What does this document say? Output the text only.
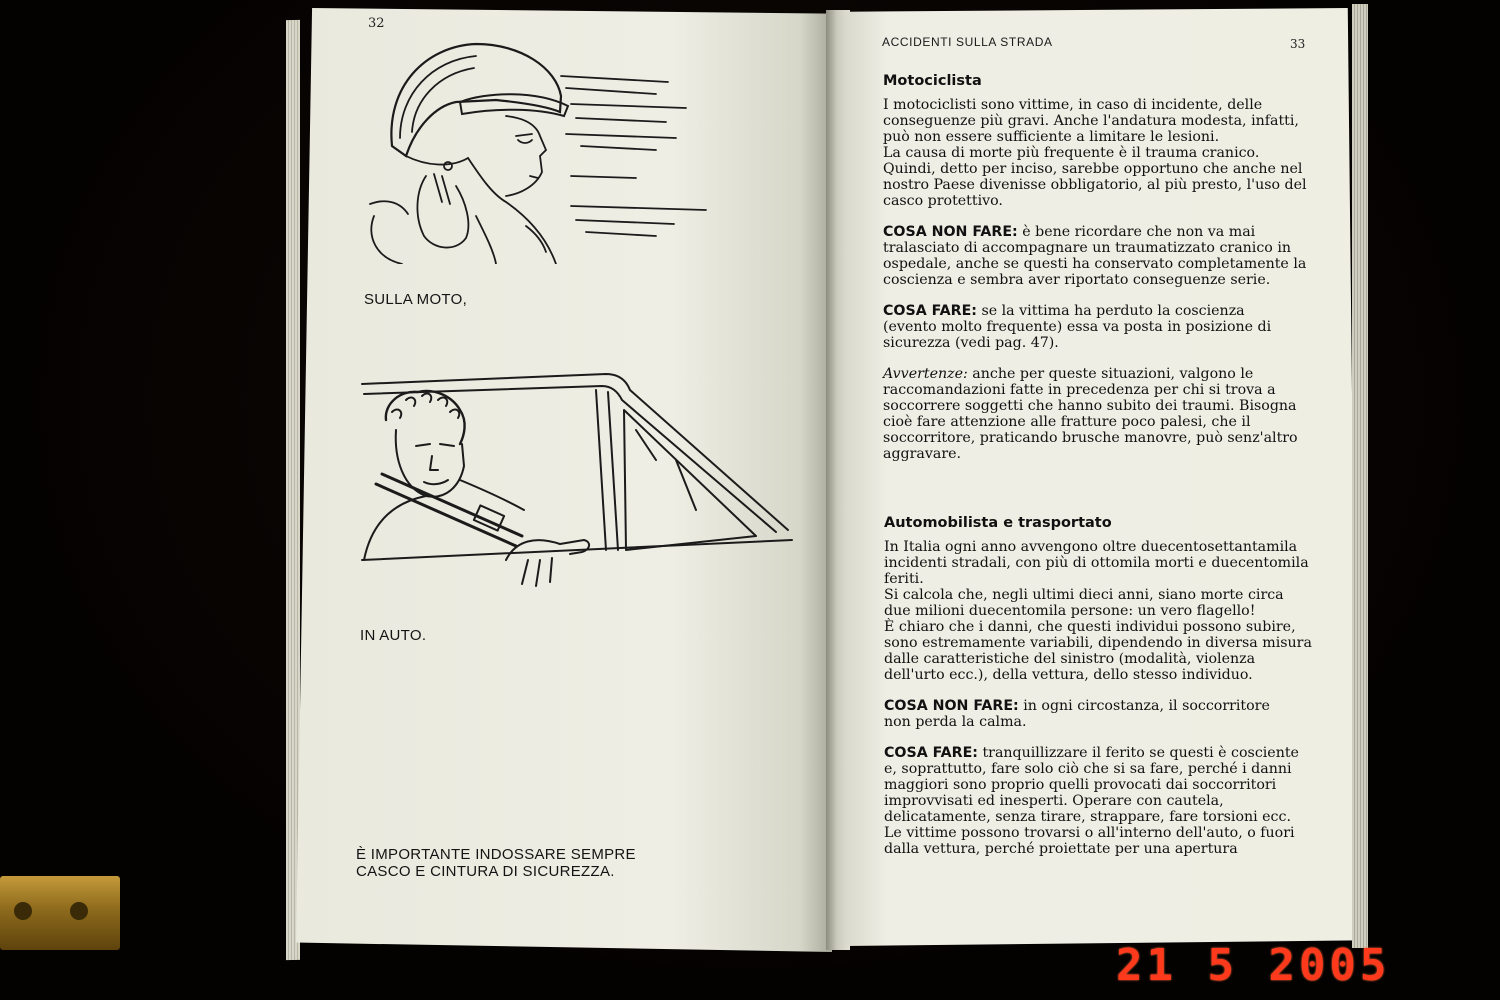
32
SULLA MOTO,
IN AUTO.
È IMPORTANTE INDOSSARE SEMPRE
CASCO E CINTURA DI SICUREZZA.
ACCIDENTI SULLA STRADA	33
Motociclista

I motociclisti sono vittime, in caso di incidente, delle
conseguenze più gravi. Anche l'andatura modesta, infatti,
può non essere sufficiente a limitare le lesioni.
La causa di morte più frequente è il trauma cranico.
Quindi, detto per inciso, sarebbe opportuno che anche nel
nostro Paese divenisse obbligatorio, al più presto, l'uso del
casco protettivo.

COSA NON FARE: è bene ricordare che non va mai
tralasciato di accompagnare un traumatizzato cranico in
ospedale, anche se questi ha conservato completamente la
coscienza e sembra aver riportato conseguenze serie.

COSA FARE: se la vittima ha perduto la coscienza
(evento molto frequente) essa va posta in posizione di
sicurezza (vedi pag. 47).

Avvertenze: anche per queste situazioni, valgono le
raccomandazioni fatte in precedenza per chi si trova a
soccorrere soggetti che hanno subito dei traumi. Bisogna
cioè fare attenzione alle fratture poco palesi, che il
soccorritore, praticando brusche manovre, può senz'altro
aggravare.

Automobilista e trasportato

In Italia ogni anno avvengono oltre duecentosettantamila
incidenti stradali, con più di ottomila morti e duecentomila
feriti.
Si calcola che, negli ultimi dieci anni, siano morte circa
due milioni duecentomila persone: un vero flagello!
È chiaro che i danni, che questi individui possono subire,
sono estremamente variabili, dipendendo in diversa misura
dalle caratteristiche del sinistro (modalità, violenza
dell'urto ecc.), della vettura, dello stesso individuo.

COSA NON FARE: in ogni circostanza, il soccorritore
non perda la calma.

COSA FARE: tranquillizzare il ferito se questi è cosciente
e, soprattutto, fare solo ciò che si sa fare, perché i danni
maggiori sono proprio quelli provocati dai soccorritori
improvvisati ed inesperti. Operare con cautela,
delicatamente, senza tirare, strappare, fare torsioni ecc.
Le vittime possono trovarsi o all'interno dell'auto, o fuori
dalla vettura, perché proiettate per una apertura

21 5 2005
